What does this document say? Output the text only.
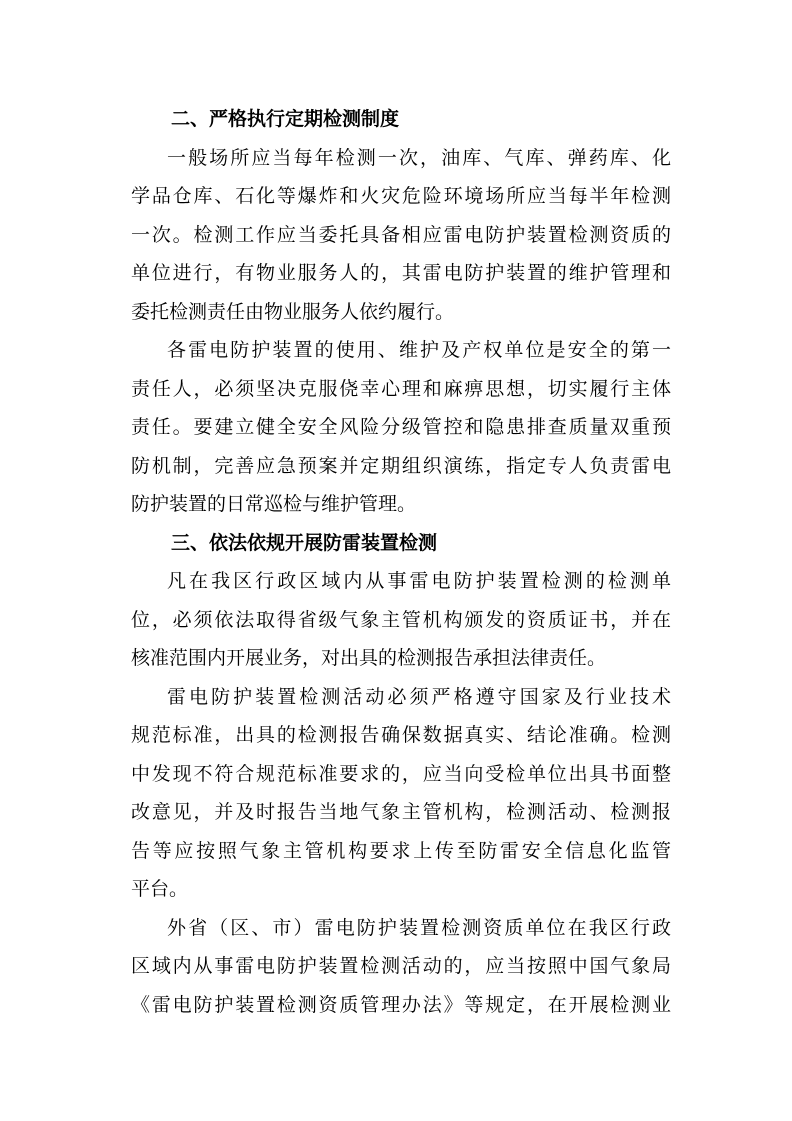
二、严格执行定期检测制度
一般场所应当每年检测一次，油库、气库、弹药库、化
学品仓库、石化等爆炸和火灾危险环境场所应当每半年检测
一次。检测工作应当委托具备相应雷电防护装置检测资质的
单位进行，有物业服务人的，其雷电防护装置的维护管理和
委托检测责任由物业服务人依约履行。
各雷电防护装置的使用、维护及产权单位是安全的第一
责任人，必须坚决克服侥幸心理和麻痹思想，切实履行主体
责任。要建立健全安全风险分级管控和隐患排查质量双重预
防机制，完善应急预案并定期组织演练，指定专人负责雷电
防护装置的日常巡检与维护管理。
三、依法依规开展防雷装置检测
凡在我区行政区域内从事雷电防护装置检测的检测单
位，必须依法取得省级气象主管机构颁发的资质证书，并在
核准范围内开展业务，对出具的检测报告承担法律责任。
雷电防护装置检测活动必须严格遵守国家及行业技术
规范标准，出具的检测报告确保数据真实、结论准确。检测
中发现不符合规范标准要求的，应当向受检单位出具书面整
改意见，并及时报告当地气象主管机构，检测活动、检测报
告等应按照气象主管机构要求上传至防雷安全信息化监管
平台。
外省（区、市）雷电防护装置检测资质单位在我区行政
区域内从事雷电防护装置检测活动的，应当按照中国气象局
《雷电防护装置检测资质管理办法》等规定，在开展检测业
